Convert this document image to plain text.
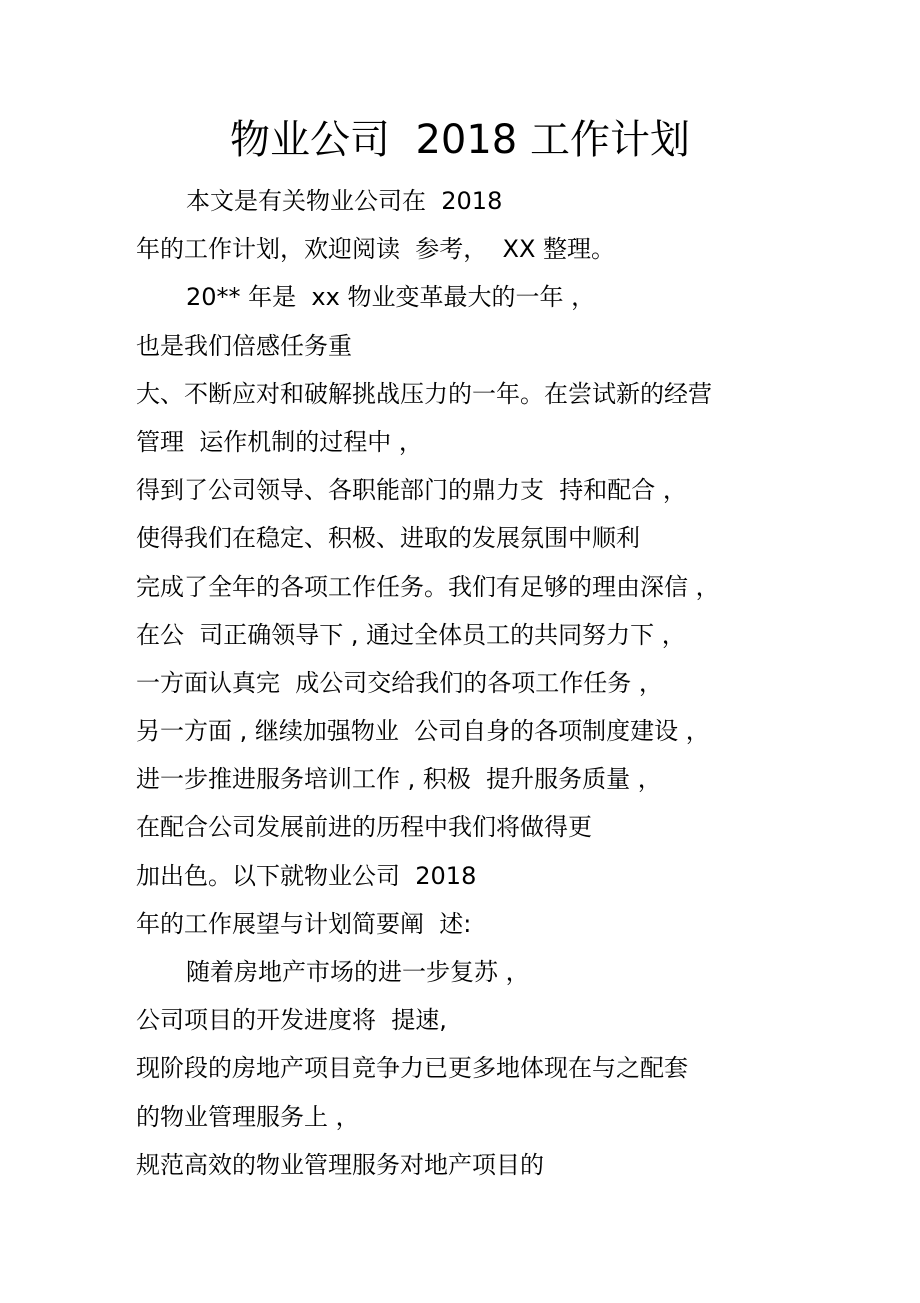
物业公司  2018 工作计划
本文是有关物业公司在  2018
年的工作计划，欢迎阅读  参考，  XX 整理。
20** 年是  xx 物业变革最大的一年 ，
也是我们倍感任务重
大、不断应对和破解挑战压力的一年。在尝试新的经营
管理  运作机制的过程中 ，
得到了公司领导、各职能部门的鼎力支  持和配合 ，
使得我们在稳定、积极、进取的发展氛围中顺利
完成了全年的各项工作任务。我们有足够的理由深信 ，
在公  司正确领导下 , 通过全体员工的共同努力下 ，
一方面认真完  成公司交给我们的各项工作任务 ，
另一方面 , 继续加强物业  公司自身的各项制度建设 ，
进一步推进服务培训工作 , 积极  提升服务质量 ，
在配合公司发展前进的历程中我们将做得更
加出色。以下就物业公司  2018
年的工作展望与计划简要阐  述:
随着房地产市场的进一步复苏 ，
公司项目的开发进度将  提速,
现阶段的房地产项目竞争力已更多地体现在与之配套
的物业管理服务上 ，
规范高效的物业管理服务对地产项目的
